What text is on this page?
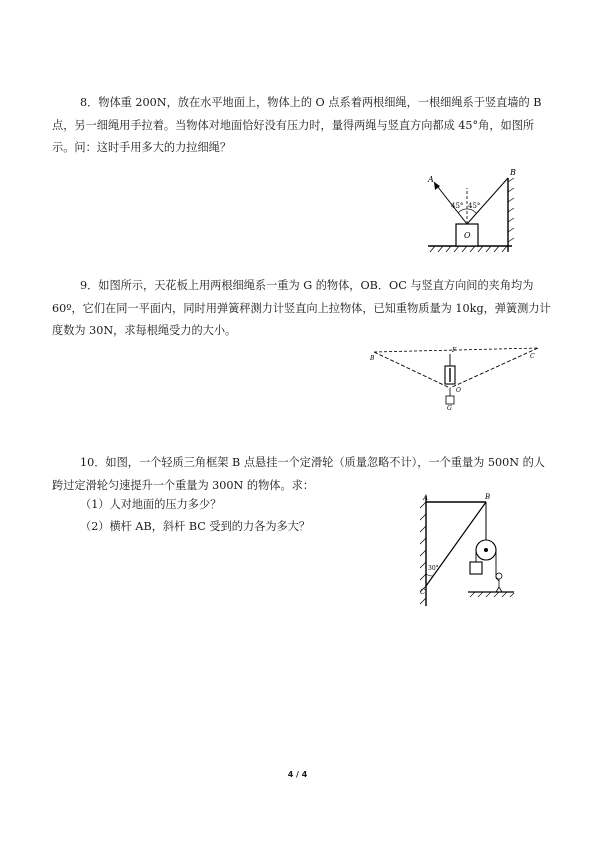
8．物体重 200N，放在水平地面上，物体上的 O 点系着两根细绳，一根细绳系于竖直墙的 B 点，另一细绳用手拉着。当物体对地面恰好没有压力时，量得两绳与竖直方向都成 45°角，如图所示。问：这时手用多大的力拉细绳？

A
B
O
45° 45°

9．如图所示，天花板上用两根细绳系一重为 G 的物体，OB．OC 与竖直方向间的夹角均为 60º，它们在同一平面内，同时用弹簧秤测力计竖直向上拉物体，已知重物质量为 10kg，弹簧测力计度数为 30N，求每根绳受力的大小。

B	C
F
O
G

10．如图，一个轻质三角框架 B 点悬挂一个定滑轮（质量忽略不计），一个重量为 500N 的人跨过定滑轮匀速提升一个重量为 300N 的物体。求：

（1）人对地面的压力多少？
（2）横杆 AB，斜杆 BC 受到的力各为多大？
A	B
C
30°
4 / 4
